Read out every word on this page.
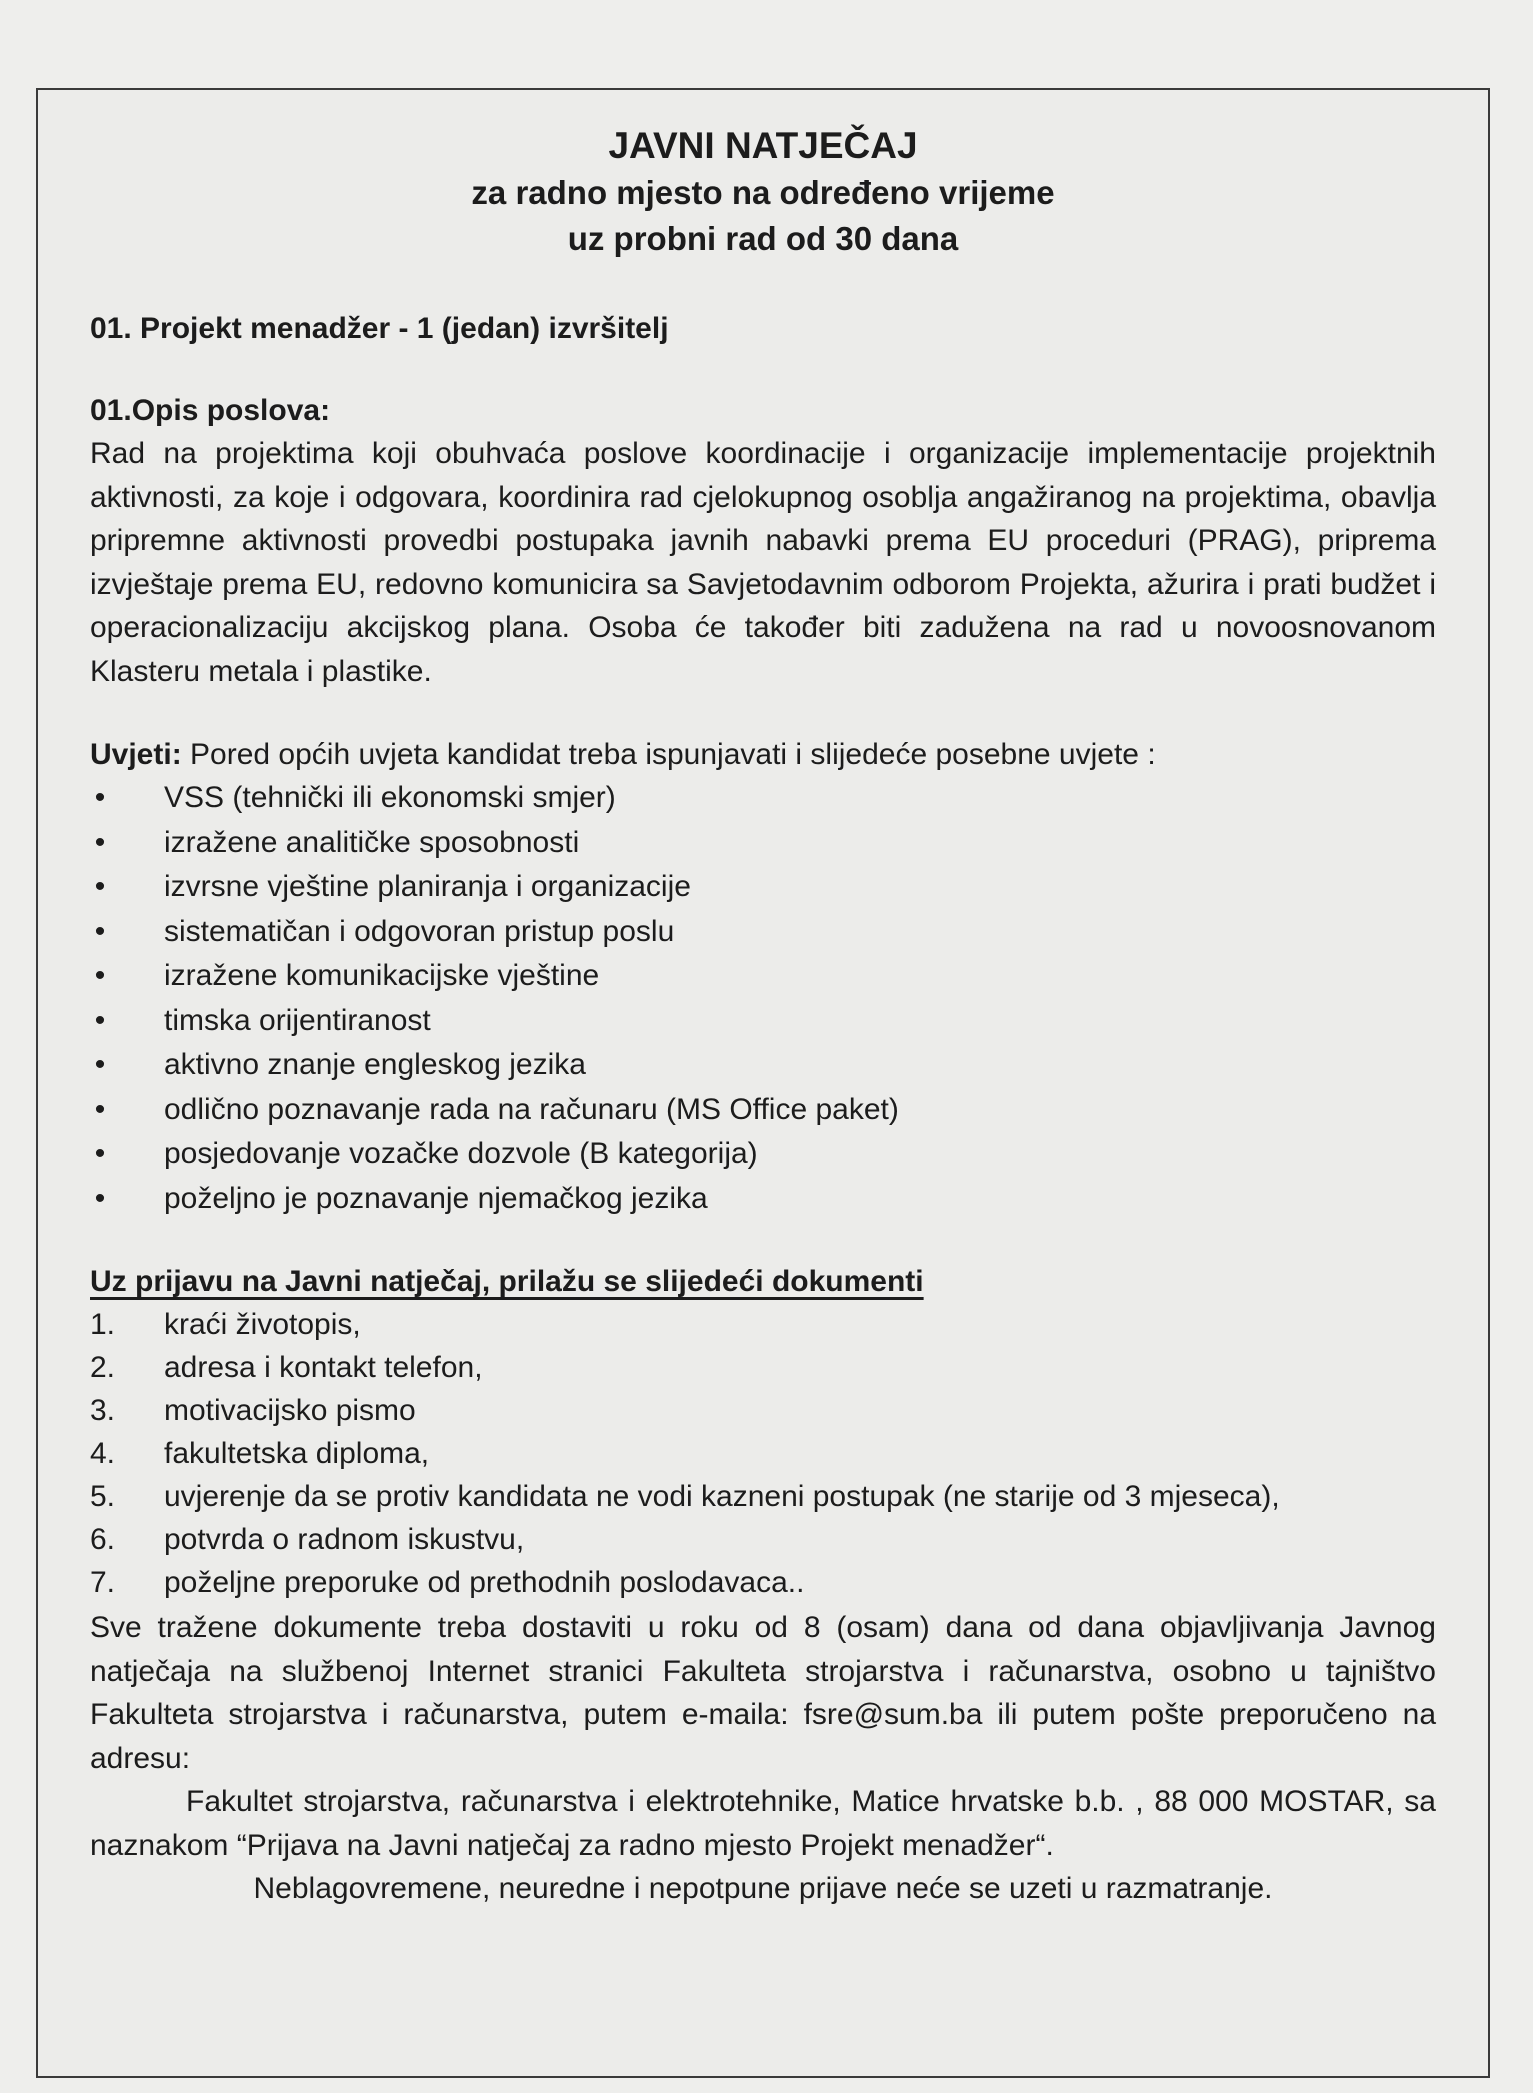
JAVNI NATJEČAJ

za radno mjesto na određeno vrijeme

uz probni rad od 30 dana

01. Projekt menadžer - 1 (jedan) izvršitelj

01.Opis poslova:

Rad na projektima koji obuhvaća poslove koordinacije i organizacije implementacije projektnih aktivnosti, za koje i odgovara, koordinira rad cjelokupnog osoblja angažiranog na projektima, obavlja pripremne aktivnosti provedbi postupaka javnih nabavki prema EU proceduri (PRAG), priprema izvještaje prema EU, redovno komunicira sa Savjetodavnim odborom Projekta, ažurira i prati budžet i operacionalizaciju akcijskog plana. Osoba će također biti zadužena na rad u novoosnovanom Klasteru metala i plastike.

Uvjeti: Pored općih uvjeta kandidat treba ispunjavati i slijedeće posebne uvjete :

• VSS (tehnički ili ekonomski smjer)
• izražene analitičke sposobnosti
• izvrsne vještine planiranja i organizacije
• sistematičan i odgovoran pristup poslu
• izražene komunikacijske vještine
• timska orijentiranost
• aktivno znanje engleskog jezika
• odlično poznavanje rada na računaru (MS Office paket)
• posjedovanje vozačke dozvole (B kategorija)
• poželjno je poznavanje njemačkog jezika

Uz prijavu na Javni natječaj, prilažu se slijedeći dokumenti

1. kraći životopis,
2. adresa i kontakt telefon,
3. motivacijsko pismo
4. fakultetska diploma,
5. uvjerenje da se protiv kandidata ne vodi kazneni postupak (ne starije od 3 mjeseca),
6. potvrda o radnom iskustvu,
7. poželjne preporuke od prethodnih poslodavaca..

Sve tražene dokumente treba dostaviti u roku od 8 (osam) dana od dana objavljivanja Javnog natječaja na službenoj Internet stranici Fakulteta strojarstva i računarstva, osobno u tajništvo Fakulteta strojarstva i računarstva, putem e-maila: fsre@sum.ba ili putem pošte preporučeno na adresu:

Fakultet strojarstva, računarstva i elektrotehnike, Matice hrvatske b.b. , 88 000 MOSTAR, sa naznakom “Prijava na Javni natječaj za radno mjesto Projekt menadžer“.

Neblagovremene, neuredne i nepotpune prijave neće se uzeti u razmatranje.
